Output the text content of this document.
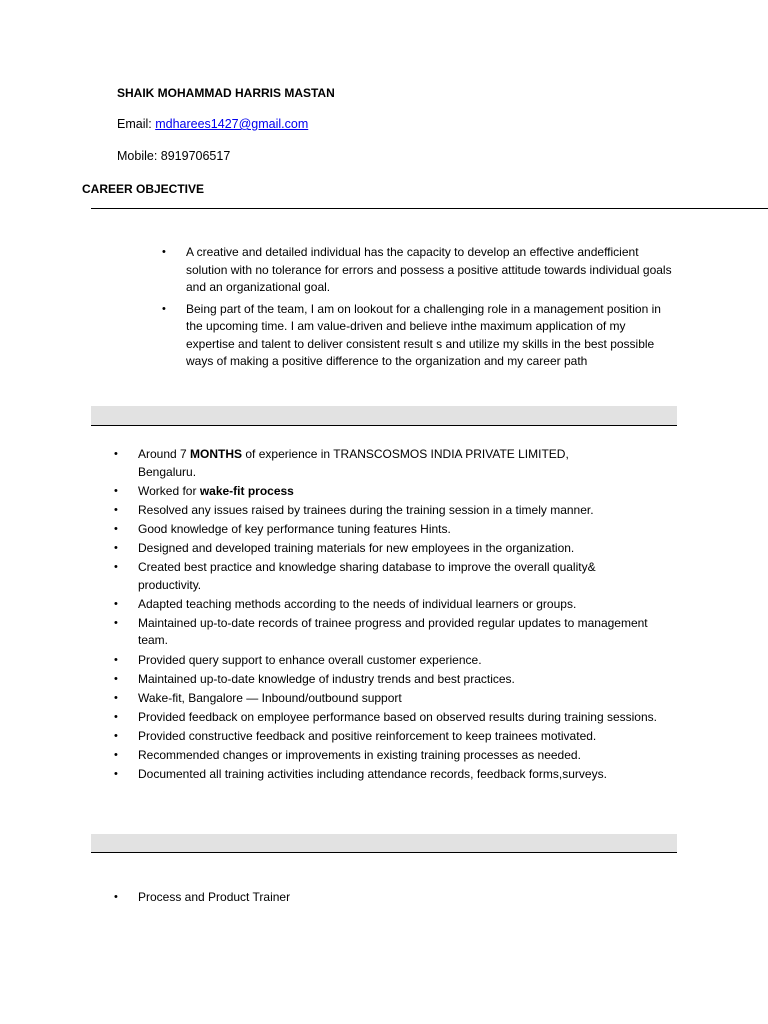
SHAIK MOHAMMAD HARRIS MASTAN
Email: mdharees1427@gmail.com
Mobile: 8919706517
CAREER OBJECTIVE
• A creative and detailed individual has the capacity to develop an effective andefficient solution with no tolerance for errors and possess a positive attitude towards individual goals and an organizational goal.
• Being part of the team, I am on lookout for a challenging role in a management position in the upcoming time. I am value-driven and believe inthe maximum application of my expertise and talent to deliver consistent result s and utilize my skills in the best possible ways of making a positive difference to the organization and my career path
• Around 7 MONTHS of experience in TRANSCOSMOS INDIA PRIVATE LIMITED,
Bengaluru.
• Worked for wake-fit process
• Resolved any issues raised by trainees during the training session in a timely manner.
• Good knowledge of key performance tuning features Hints.
• Designed and developed training materials for new employees in the organization.
• Created best practice and knowledge sharing database to improve the overall quality& productivity.
• Adapted teaching methods according to the needs of individual learners or groups.
• Maintained up-to-date records of trainee progress and provided regular updates to management team.
• Provided query support to enhance overall customer experience.
• Maintained up-to-date knowledge of industry trends and best practices.
• Wake-fit, Bangalore — Inbound/outbound support
• Provided feedback on employee performance based on observed results during training sessions.
• Provided constructive feedback and positive reinforcement to keep trainees motivated.
• Recommended changes or improvements in existing training processes as needed.
• Documented all training activities including attendance records, feedback forms,surveys.
• Process and Product Trainer
